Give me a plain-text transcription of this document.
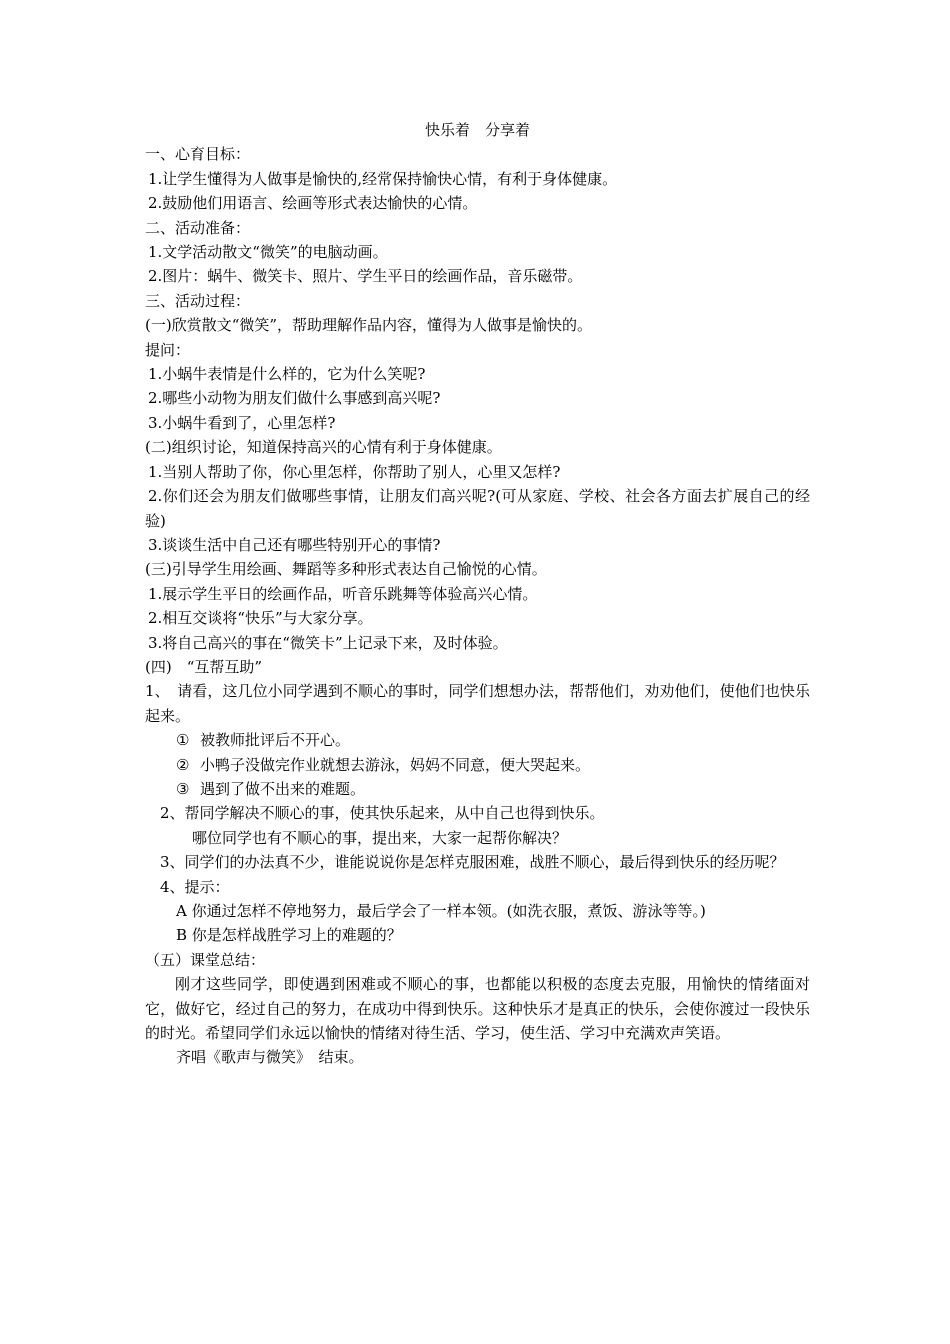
快乐着　分享着

一、心育目标：

1.让学生懂得为人做事是愉快的,经常保持愉快心情，有利于身体健康。

2.鼓励他们用语言、绘画等形式表达愉快的心情。

二、活动准备：

1.文学活动散文“微笑”的电脑动画。

2.图片：蜗牛、微笑卡、照片、学生平日的绘画作品，音乐磁带。

三、活动过程：

(一)欣赏散文“微笑”，帮助理解作品内容，懂得为人做事是愉快的。

提问：

1.小蜗牛表情是什么样的，它为什么笑呢?

2.哪些小动物为朋友们做什么事感到高兴呢?

3.小蜗牛看到了，心里怎样?

(二)组织讨论，知道保持高兴的心情有利于身体健康。

1.当别人帮助了你，你心里怎样，你帮助了别人，心里又怎样?

2.你们还会为朋友们做哪些事情，让朋友们高兴呢?(可从家庭、学校、社会各方面去扩展自己的经验)

3.谈谈生活中自己还有哪些特别开心的事情?

(三)引导学生用绘画、舞蹈等多种形式表达自己愉悦的心情。

1.展示学生平日的绘画作品，听音乐跳舞等体验高兴心情。

2.相互交谈将“快乐”与大家分享。

3.将自己高兴的事在“微笑卡”上记录下来，及时体验。

(四)　“互帮互助”

1、　请看，这几位小同学遇到不顺心的事时，同学们想想办法，帮帮他们，劝劝他们，使他们也快乐起来。

① 被教师批评后不开心。

② 小鸭子没做完作业就想去游泳，妈妈不同意，便大哭起来。

③ 遇到了做不出来的难题。

2、帮同学解决不顺心的事，使其快乐起来，从中自己也得到快乐。

哪位同学也有不顺心的事，提出来，大家一起帮你解决？

3、同学们的办法真不少，谁能说说你是怎样克服困难，战胜不顺心，最后得到快乐的经历呢？

4、提示：

A 你通过怎样不停地努力，最后学会了一样本领。(如洗衣服，煮饭、游泳等等。)

B 你是怎样战胜学习上的难题的？

（五）课堂总结：

刚才这些同学，即使遇到困难或不顺心的事，也都能以积极的态度去克服，用愉快的情绪面对它，做好它，经过自己的努力，在成功中得到快乐。这种快乐才是真正的快乐，会使你渡过一段快乐的时光。希望同学们永远以愉快的情绪对待生活、学习，使生活、学习中充满欢声笑语。

齐唱《歌声与微笑》　结束。
